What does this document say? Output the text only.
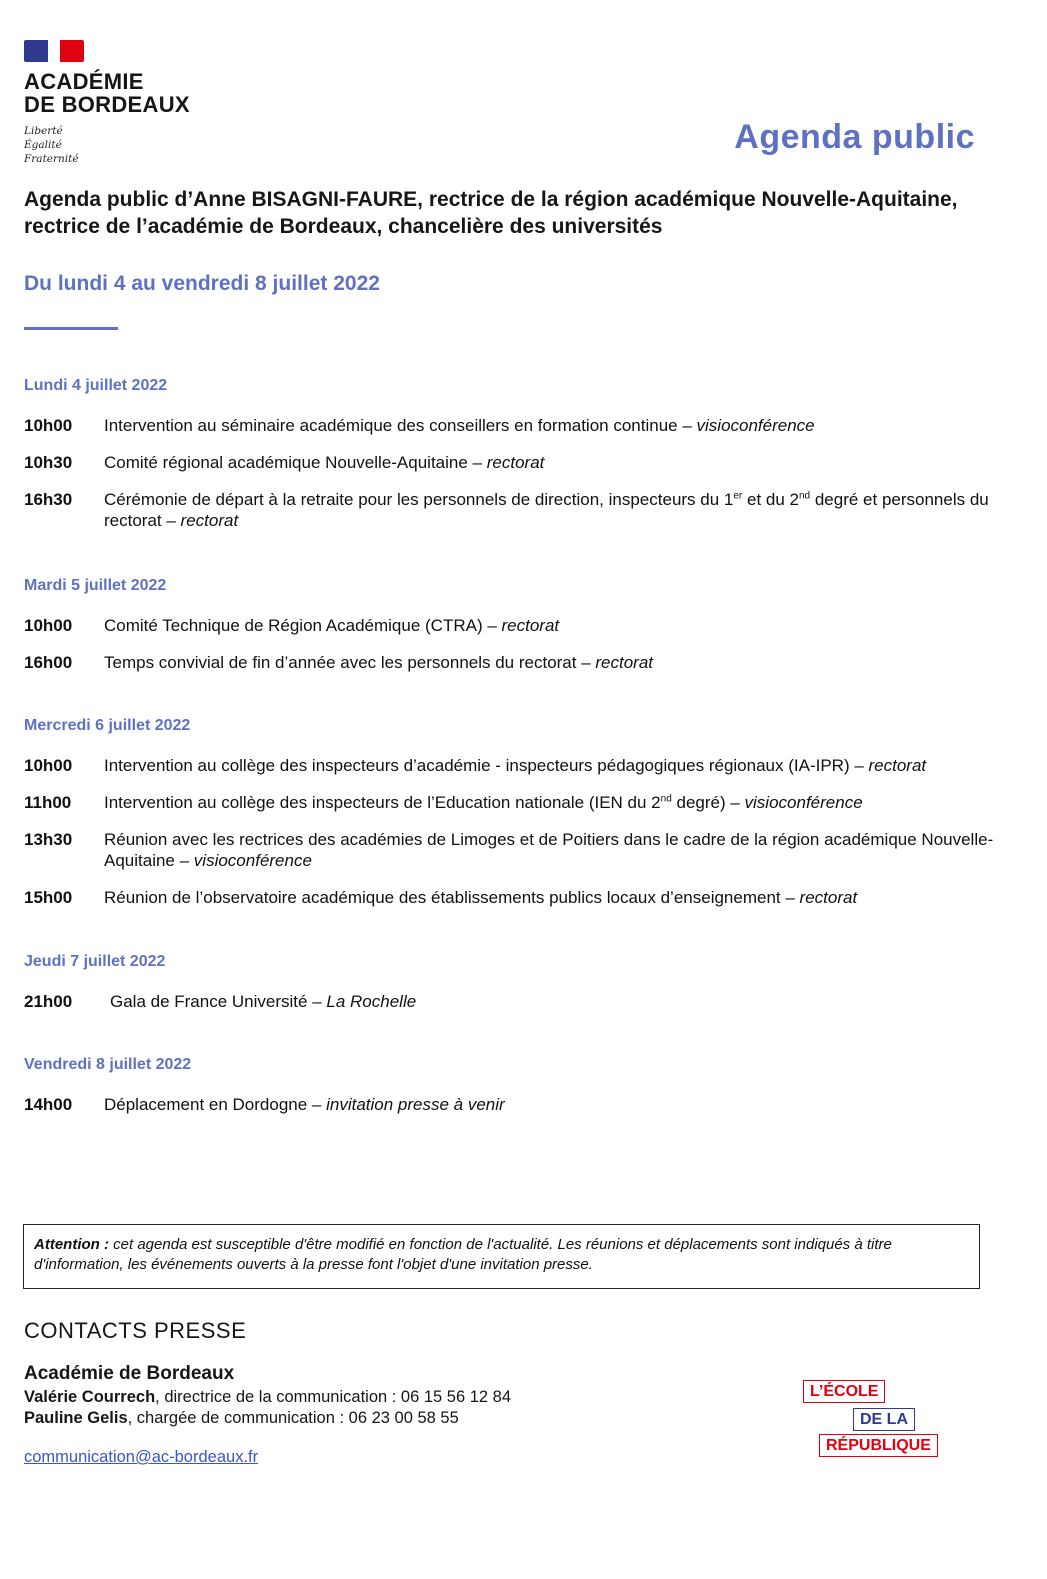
ACADÉMIE
DE BORDEAUX
Liberté
Égalité
Fraternité
Agenda public
Agenda public d’Anne BISAGNI-FAURE, rectrice de la région académique Nouvelle-Aquitaine, rectrice de l’académie de Bordeaux, chancelière des universités
Du lundi 4 au vendredi 8 juillet 2022
Lundi 4 juillet 2022
10h00	Intervention au séminaire académique des conseillers en formation continue – visioconférence
10h30	Comité régional académique Nouvelle-Aquitaine – rectorat
16h30	Cérémonie de départ à la retraite pour les personnels de direction, inspecteurs du 1er et du 2nd degré et personnels du rectorat – rectorat
Mardi 5 juillet 2022
10h00	Comité Technique de Région Académique (CTRA) – rectorat
16h00	Temps convivial de fin d’année avec les personnels du rectorat – rectorat
Mercredi 6 juillet 2022
10h00	Intervention au collège des inspecteurs d’académie - inspecteurs pédagogiques régionaux (IA-IPR) – rectorat
11h00	Intervention au collège des inspecteurs de l’Education nationale (IEN du 2nd degré) – visioconférence
13h30	Réunion avec les rectrices des académies de Limoges et de Poitiers dans le cadre de la région académique Nouvelle-Aquitaine – visioconférence
15h00	Réunion de l’observatoire académique des établissements publics locaux d’enseignement – rectorat
Jeudi 7 juillet 2022
21h00	Gala de France Université – La Rochelle
Vendredi 8 juillet 2022
14h00	Déplacement en Dordogne – invitation presse à venir
Attention : cet agenda est susceptible d'être modifié en fonction de l'actualité. Les réunions et déplacements sont indiqués à titre d'information, les événements ouverts à la presse font l'objet d'une invitation presse.
CONTACTS PRESSE
Académie de Bordeaux
Valérie Courrech, directrice de la communication : 06 15 56 12 84
Pauline Gelis, chargée de communication : 06 23 00 58 55
communication@ac-bordeaux.fr
L’ÉCOLE
DE LA
RÉPUBLIQUE
